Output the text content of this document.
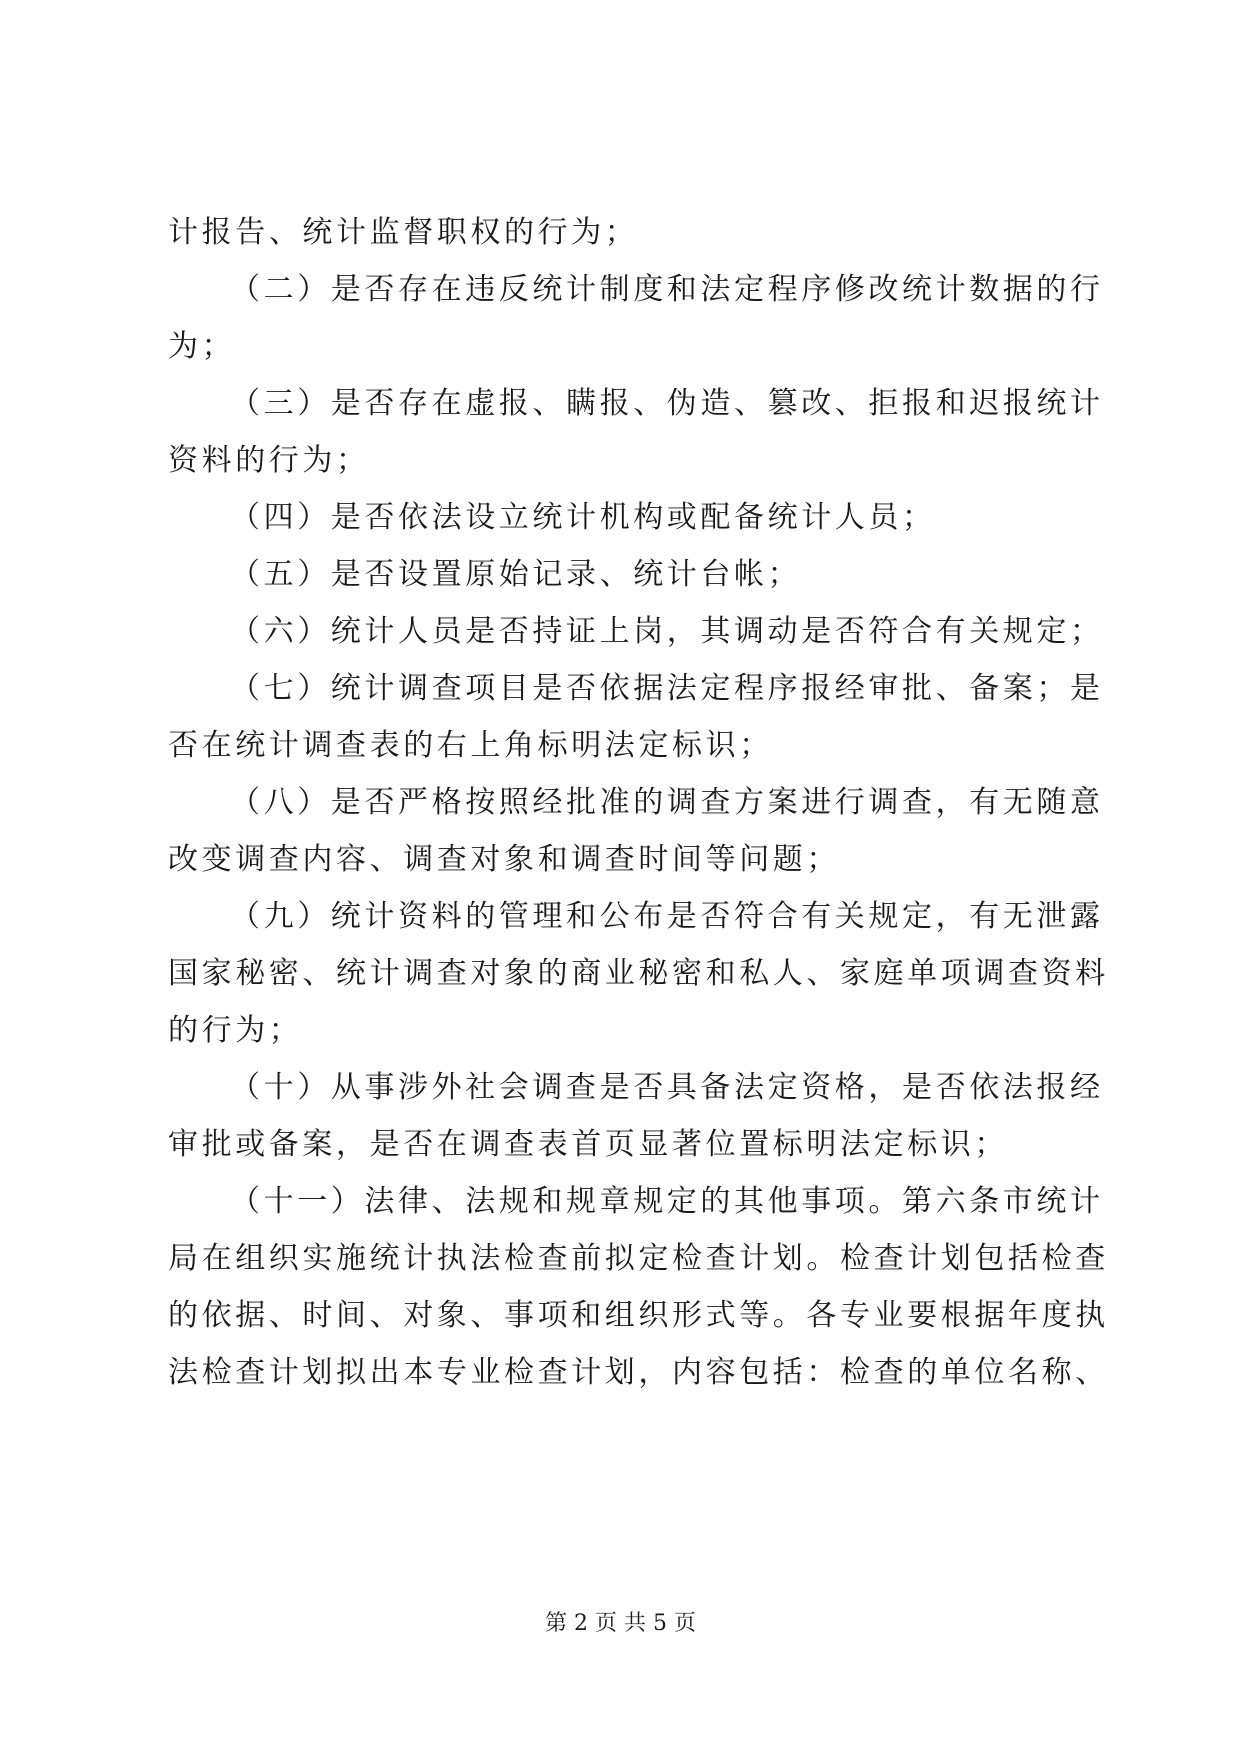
计报告、统计监督职权的行为；
（二）是否存在违反统计制度和法定程序修改统计数据的行
为；
（三）是否存在虚报、瞒报、伪造、篡改、拒报和迟报统计
资料的行为；
（四）是否依法设立统计机构或配备统计人员；
（五）是否设置原始记录、统计台帐；
（六）统计人员是否持证上岗，其调动是否符合有关规定；
（七）统计调查项目是否依据法定程序报经审批、备案；是
否在统计调查表的右上角标明法定标识；
（八）是否严格按照经批准的调查方案进行调查，有无随意
改变调查内容、调查对象和调查时间等问题；
（九）统计资料的管理和公布是否符合有关规定，有无泄露
国家秘密、统计调查对象的商业秘密和私人、家庭单项调查资料
的行为；
（十）从事涉外社会调查是否具备法定资格，是否依法报经
审批或备案，是否在调查表首页显著位置标明法定标识；
（十一）法律、法规和规章规定的其他事项。第六条市统计
局在组织实施统计执法检查前拟定检查计划。检查计划包括检查
的依据、时间、对象、事项和组织形式等。各专业要根据年度执
法检查计划拟出本专业检查计划，内容包括：检查的单位名称、
第 2 页 共 5 页
